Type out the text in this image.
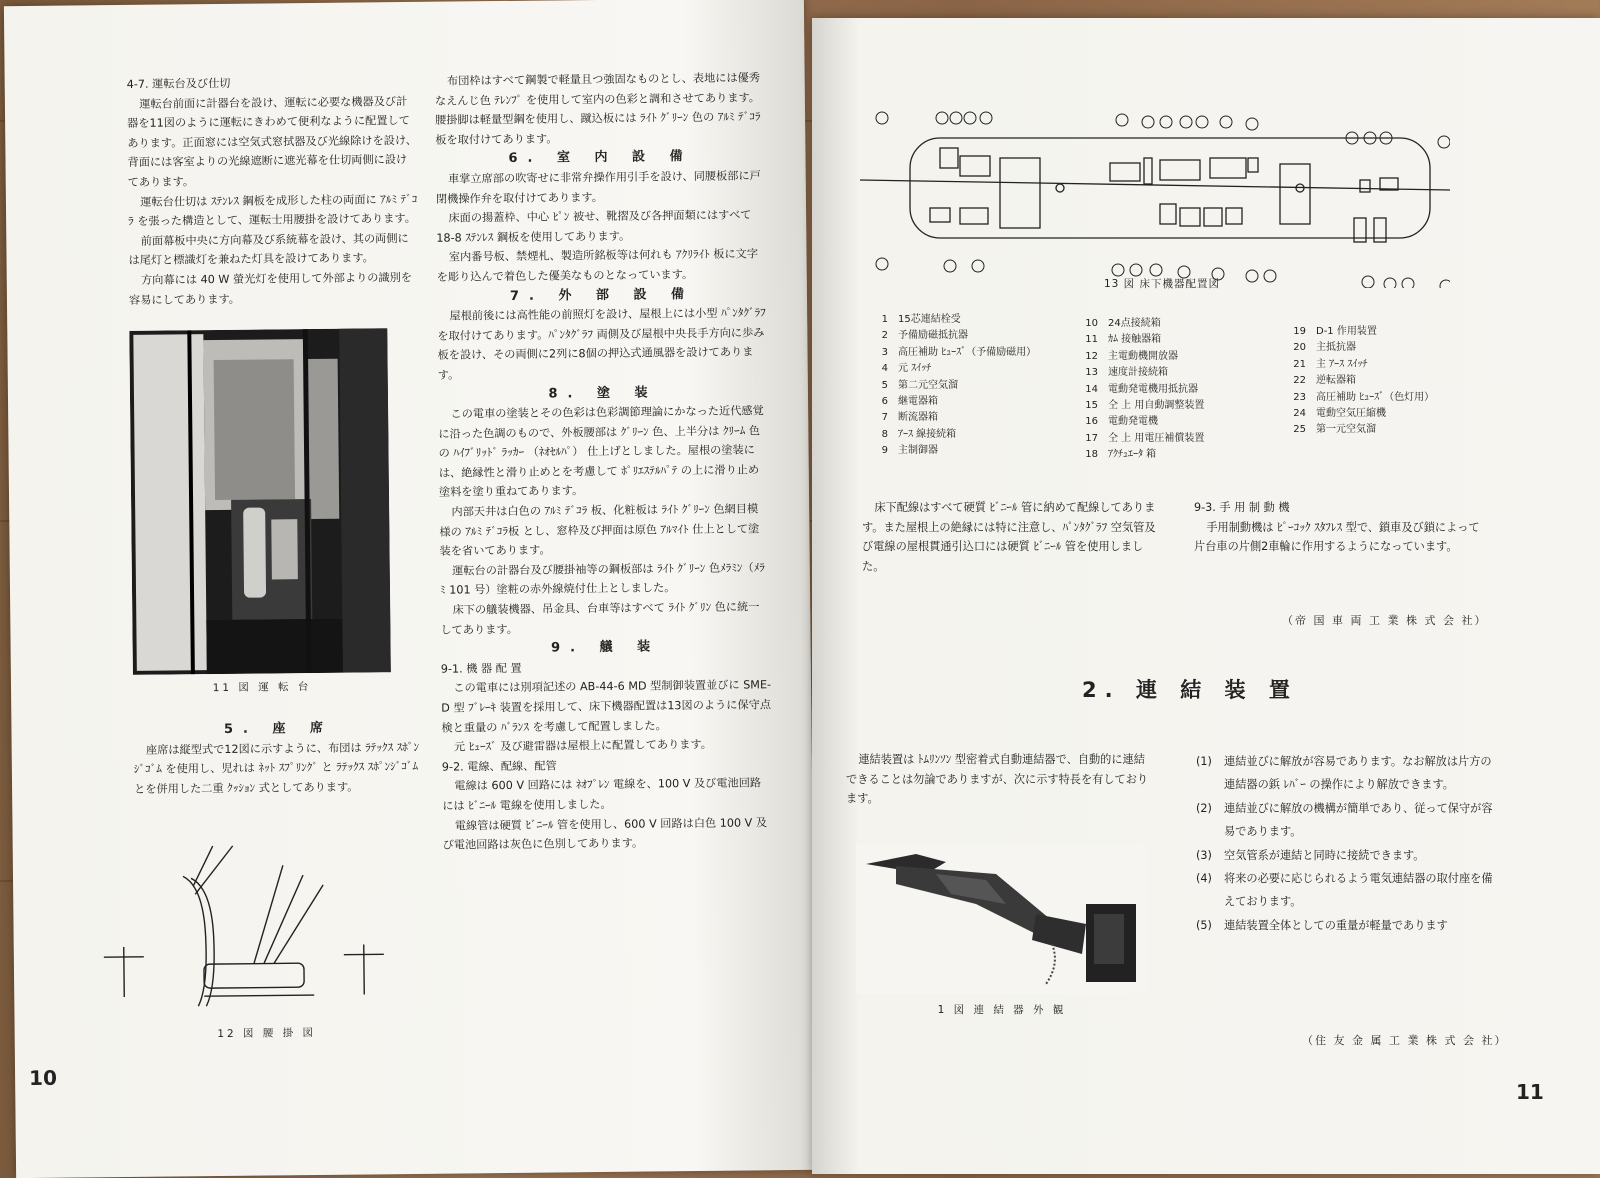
4-7. 運転台及び仕切

運転台前面に計器台を設け、運転に必要な機器及び計器を11図のように運転にきわめて便利なように配置してあります。正面窓には空気式窓拭器及び光線除けを設け、背面には客室よりの光線遮断に遮光幕を仕切両側に設けてあります。

運転台仕切は ｽﾃﾝﾚｽ 鋼板を成形した柱の両面に ｱﾙﾐ ﾃﾞｺﾗ を張った構造として、運転士用腰掛を設けてあります。

前面幕板中央に方向幕及び系統幕を設け、其の両側には尾灯と標識灯を兼ねた灯具を設けてあります。

方向幕には 40 W 螢光灯を使用して外部よりの識別を容易にしてあります。

11 図 運 転 台

5. 座 席

座席は縦型式で12図に示すように、布団は ﾗﾃｯｸｽ ｽﾎﾟﾝｼﾞｺﾞﾑ を使用し、児れは ﾈｯﾄ ｽﾌﾟﾘﾝｸﾞ と ﾗﾃｯｸｽ ｽﾎﾟﾝｼﾞｺﾞﾑ とを併用した二重 ｸｯｼｮﾝ 式としてあります。

12 図 腰 掛 図

布団枠はすべて鋼製で軽量且つ強固なものとし、表地には優秀なえんじ色 ﾃﾚﾝﾌﾟ を使用して室内の色彩と調和させてあります。腰掛脚は軽量型鋼を使用し、蹴込板には ﾗｲﾄ ｸﾞﾘｰﾝ 色の ｱﾙﾐ ﾃﾞｺﾗ 板を取付けてあります。

6. 室 内 設 備

車掌立席部の吹寄せに非常弁操作用引手を設け、同腰板部に戸閉機操作弁を取付けてあります。

床面の揚蓋枠、中心 ﾋﾟﾝ 被せ、靴摺及び各押面類にはすべて 18-8 ｽﾃﾝﾚｽ 鋼板を使用してあります。

室内番号板、禁煙札、製造所銘板等は何れも ｱｸﾘﾗｲﾄ 板に文字を彫り込んで着色した優美なものとなっています。

7. 外 部 設 備

屋根前後には高性能の前照灯を設け、屋根上には小型 ﾊﾟﾝﾀｸﾞﾗﾌ を取付けてあります。ﾊﾟﾝﾀｸﾞﾗﾌ 両側及び屋根中央長手方向に歩み板を設け、その両側に2列に8個の押込式通風器を設けてあります。

8. 塗 装

この電車の塗装とその色彩は色彩調節理論にかなった近代感覚に沿った色調のもので、外板腰部は ｸﾞﾘｰﾝ 色、上半分は ｸﾘｰﾑ 色の ﾊｲﾌﾞﾘｯﾄﾞ ﾗｯｶｰ （ﾈｵｾﾙﾊﾟ） 仕上げとしました。屋根の塗装には、絶縁性と滑り止めとを考慮して ﾎﾟﾘｴｽﾃﾙﾊﾟﾃ の上に滑り止め塗料を塗り重ねてあります。

内部天井は白色の ｱﾙﾐ ﾃﾞｺﾗ 板、化粧板は ﾗｲﾄ ｸﾞﾘｰﾝ 色網目模様の ｱﾙﾐ ﾃﾞｺﾗ板 とし、窓枠及び押面は原色 ｱﾙﾏｲﾄ 仕上として塗装を省いてあります。

運転台の計器台及び腰掛袖等の鋼板部は ﾗｲﾄ ｸﾞﾘｰﾝ 色ﾒﾗﾐﾝ（ﾒﾗﾐ 101 号）塗粧の赤外線焼付仕上としました。

床下の艤装機器、吊金具、台車等はすべて ﾗｲﾄ ｸﾞﾘﾝ 色に統一してあります。

9. 艤 装

9-1. 機 器 配 置

この電車には別項記述の AB-44-6 MD 型制御装置並びに SME-D 型 ﾌﾞﾚｰｷ 装置を採用して、床下機器配置は13図のように保守点検と重量の ﾊﾞﾗﾝｽ を考慮して配置しました。

元 ﾋｭｰｽﾞ 及び避雷器は屋根上に配置してあります。

9-2. 電線、配線、配管

電線は 600 V 回路には ﾈｵﾌﾟﾚﾝ 電線を、100 V 及び電池回路には ﾋﾞﾆｰﾙ 電線を使用しました。

電線管は硬質 ﾋﾞﾆｰﾙ 管を使用し、600 V 回路は白色 100 V 及び電池回路は灰色に色別してあります。

10
13 図 床下機器配置図
1	15芯連結栓受
2	予備励磁抵抗器
3	高圧補助 ﾋｭｰｽﾞ（予備励磁用）
4	元 ｽｲｯﾁ
5	第二元空気溜
6	継電器箱
7	断流器箱
8	ｱｰｽ 線接続箱
9	主制御器
10	24点接続箱
11	ｶﾑ 接触器箱
12	主電動機開放器
13	速度計接続箱
14	電動発電機用抵抗器
15	仝 上 用自動調整装置
16	電動発電機
17	仝 上 用電圧補償装置
18	ｱｸﾁｭｴｰﾀ 箱
19	D-1 作用装置
20	主抵抗器
21	主 ｱｰｽ ｽｲｯﾁ
22	逆転器箱
23	高圧補助 ﾋｭｰｽﾞ（色灯用）
24	電動空気圧縮機
25	第一元空気溜

床下配線はすべて硬質 ﾋﾞﾆｰﾙ 管に納めて配線してあります。また屋根上の絶縁には特に注意し、ﾊﾟﾝﾀｸﾞﾗﾌ 空気管及び電線の屋根貫通引込口には硬質 ﾋﾞﾆｰﾙ 管を使用しました。

9-3. 手 用 制 動 機

手用制動機は ﾋﾟｰｺｯｸ ｽﾀﾌﾚｽ 型で、鎖車及び鎖によって片台車の片側2車輪に作用するようになっています。

（帝 国 車 両 工 業 株 式 会 社）
2. 連 結 装 置

連結装置は ﾄﾑﾘﾝｿﾝ 型密着式自動連結器で、自動的に連結できることは勿論でありますが、次に示す特長を有しております。

1 図 連 結 器 外 観
(1)	連結並びに解放が容易であります。なお解放は片方の連結器の鋲 ﾚﾊﾞｰ の操作により解放できます。
(2)	連結並びに解放の機構が簡単であり、従って保守が容易であります。
(3)	空気管系が連結と同時に接続できます。
(4)	将来の必要に応じられるよう電気連結器の取付座を備えております。
(5)	連結装置全体としての重量が軽量であります
（住 友 金 属 工 業 株 式 会 社）
11
